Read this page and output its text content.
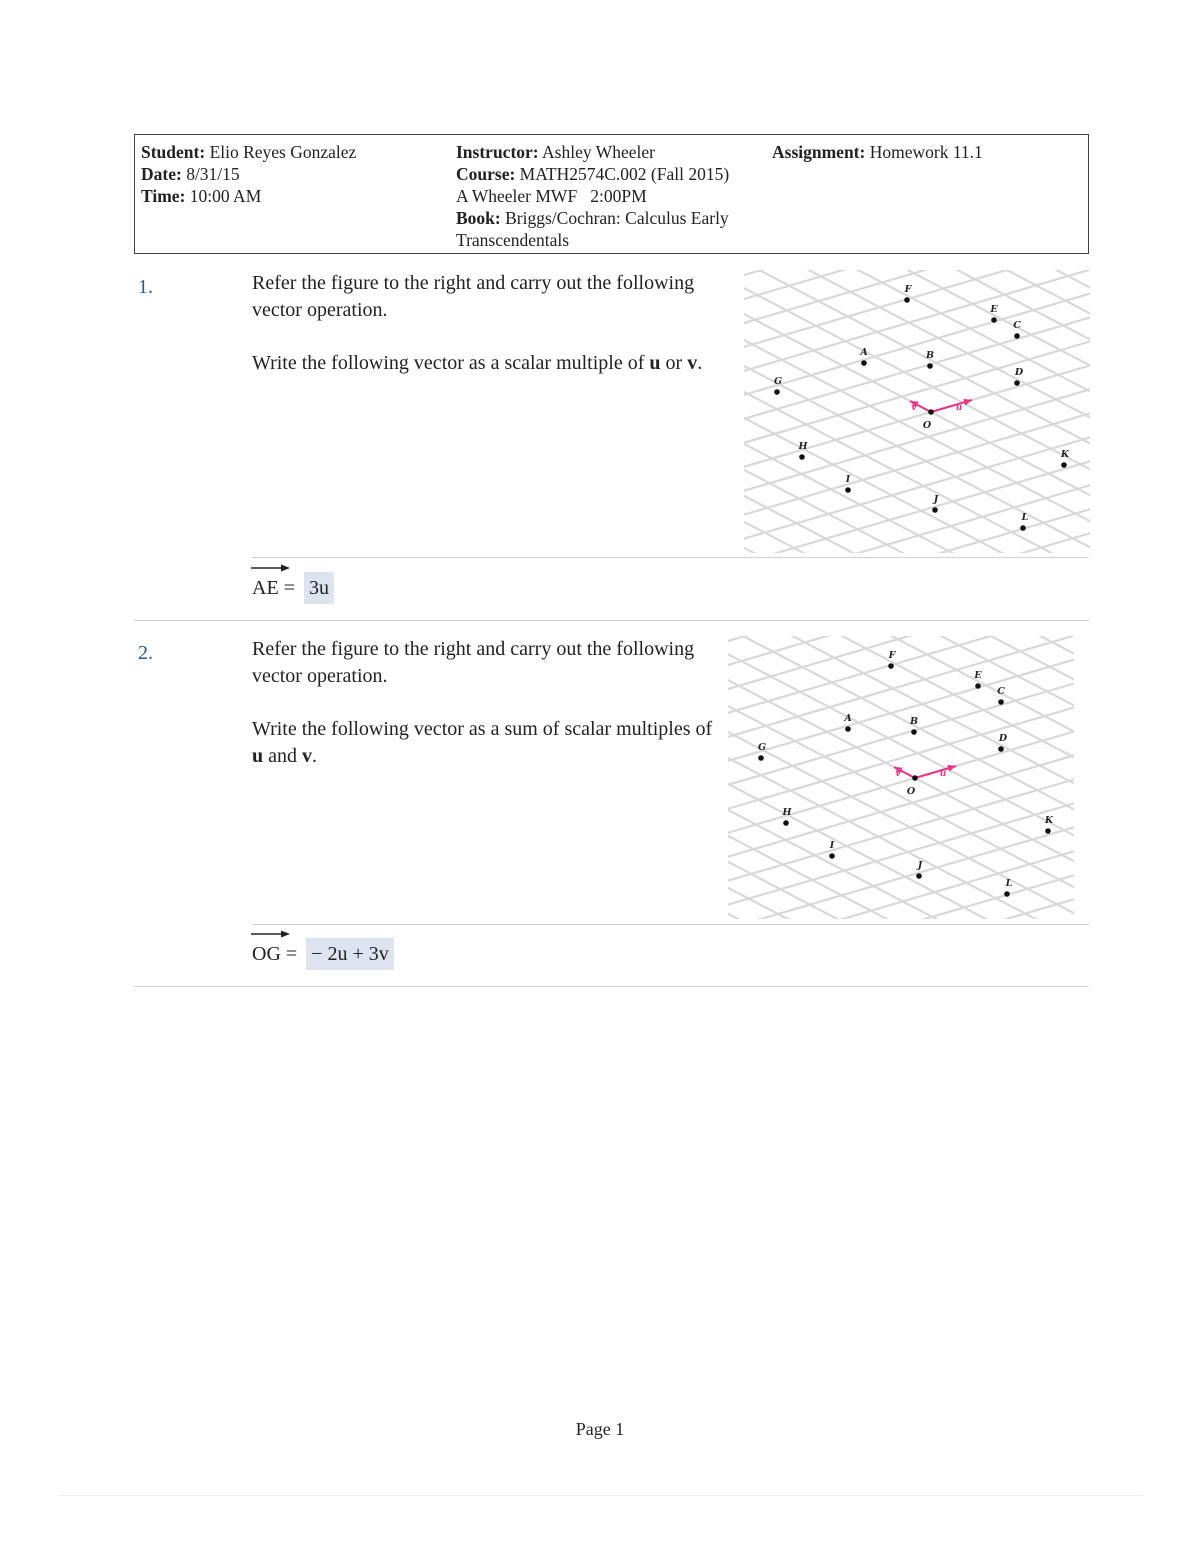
Student: Elio Reyes Gonzalez
Date: 8/31/15
Time: 10:00 AM
Instructor: Ashley Wheeler
Course: MATH2574C.002 (Fall 2015)
A Wheeler MWF   2:00PM
Book: Briggs/Cochran: Calculus Early
Transcendentals
Assignment: Homework 11.1
1.	Refer the figure to the right and carry out the following vector operation.

Write the following vector as a scalar multiple of u or v.

u
v
A	B
C
D
E
F
G
H
I
J
K
L
O
AE = 3u
2.	Refer the figure to the right and carry out the following vector operation.

Write the following vector as a sum of scalar multiples of u and v.

u
v
A	B
C
D
E
F
G
H
I
J
K
L
O
OG = − 2u + 3v
Page 1
